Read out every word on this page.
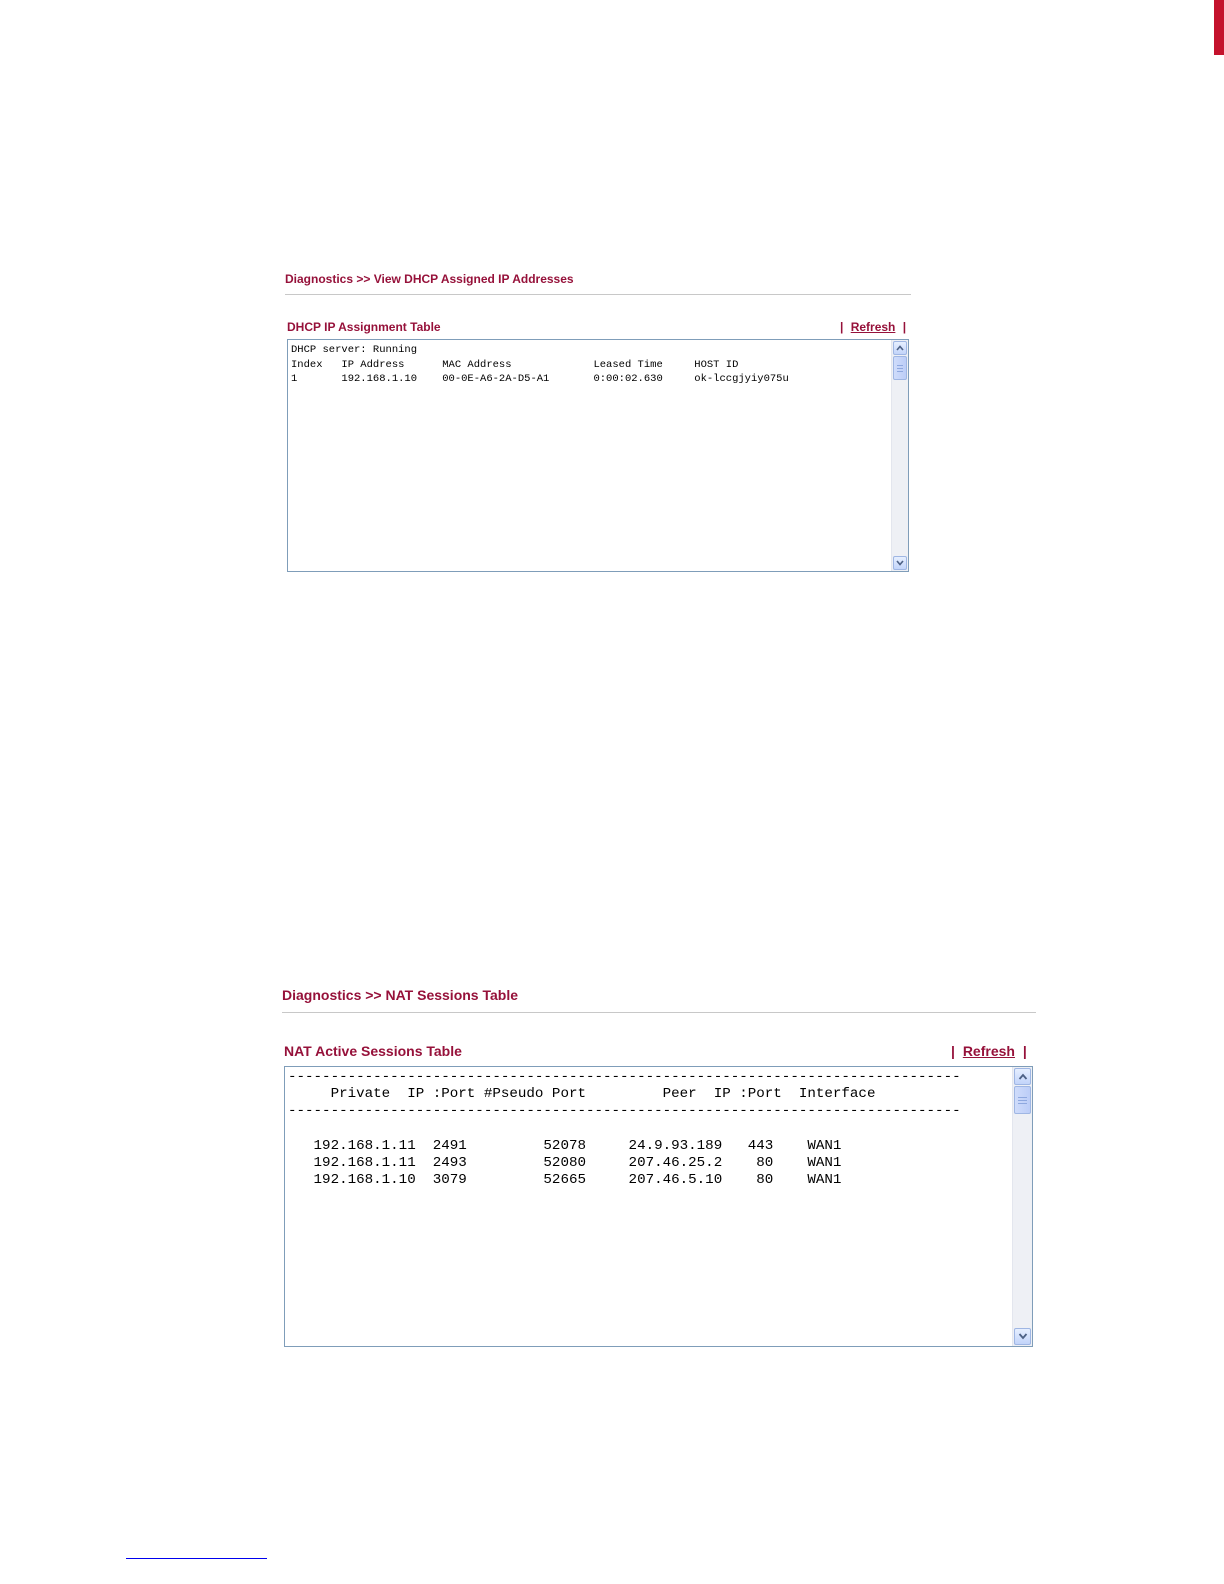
Diagnostics >> View DHCP Assigned IP Addresses
DHCP IP Assignment Table	| Refresh |
DHCP server: Running
Index   IP Address      MAC Address             Leased Time     HOST ID
1       192.168.1.10    00-0E-A6-2A-D5-A1       0:00:02.630     ok-lccgjyiy075u
Diagnostics >> NAT Sessions Table
NAT Active Sessions Table	| Refresh |
-------------------------------------------------------------------------------
Private  IP :Port #Pseudo Port         Peer  IP :Port  Interface
-------------------------------------------------------------------------------

192.168.1.11  2491         52078     24.9.93.189   443    WAN1
192.168.1.11  2493         52080     207.46.25.2    80    WAN1
192.168.1.10  3079         52665     207.46.5.10    80    WAN1
